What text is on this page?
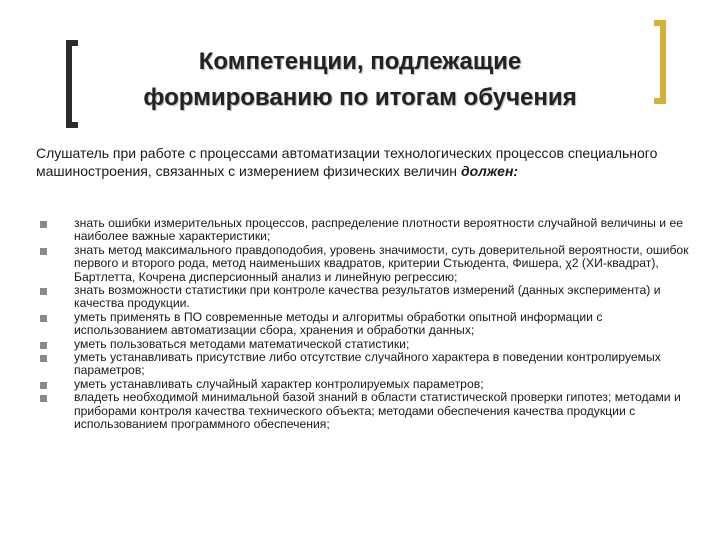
Компетенции, подлежащие
формированию по итогам обучения
Слушатель при работе с процессами автоматизации технологических процессов специального машиностроения, связанных с измерением физических величин должен:
знать ошибки измерительных процессов, распределение плотности вероятности случайной величины и ее наиболее важные характеристики;
знать метод максимального правдоподобия, уровень значимости, суть доверительной вероятности, ошибок первого и второго рода, метод наименьших квадратов, критерии Стьюдента, Фишера, χ2 (ХИ-квадрат), Бартлетта, Кочрена дисперсионный анализ и линейную регрессию;
знать возможности статистики при контроле качества результатов измерений (данных эксперимента) и качества продукции.
уметь применять в ПО современные методы и алгоритмы обработки опытной информации с использованием автоматизации сбора, хранения и обработки данных;
уметь пользоваться методами математической статистики;
уметь устанавливать присутствие либо отсутствие случайного характера в поведении контролируемых параметров;
уметь устанавливать случайный характер контролируемых параметров;
владеть необходимой минимальной базой знаний в области статистической проверки гипотез; методами и приборами контроля качества технического объекта; методами обеспечения качества продукции с использованием программного обеспечения;
